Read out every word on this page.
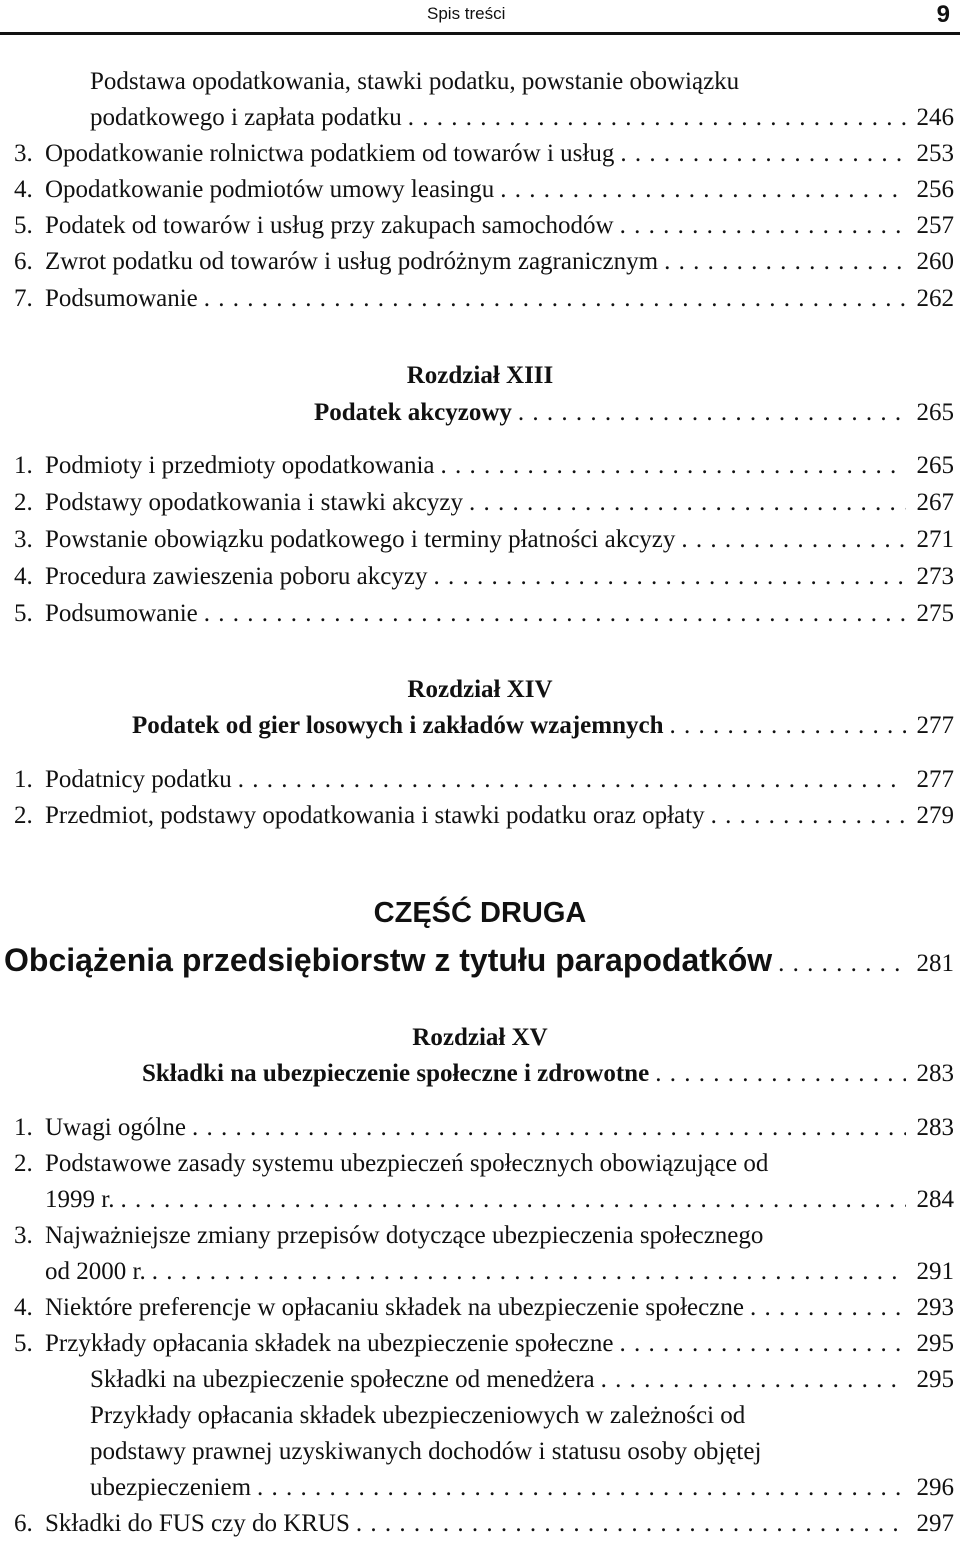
Spis treści	9
Podstawa opodatkowania, stawki podatku, powstanie obowiązku
podatkowego i zapłata podatku . . .	246
3. Opodatkowanie rolnictwa podatkiem od towarów i usług . . .	253
4. Opodatkowanie podmiotów umowy leasingu . . .	256
5. Podatek od towarów i usług przy zakupach samochodów . . .	257
6. Zwrot podatku od towarów i usług podróżnym zagranicznym . . .	260
7. Podsumowanie . . .	262
Rozdział XIII
Podatek akcyzowy . . .	265
1. Podmioty i przedmioty opodatkowania . . .	265
2. Podstawy opodatkowania i stawki akcyzy . . .	267
3. Powstanie obowiązku podatkowego i terminy płatności akcyzy . . .	271
4. Procedura zawieszenia poboru akcyzy . . .	273
5. Podsumowanie . . .	275
Rozdział XIV
Podatek od gier losowych i zakładów wzajemnych . . .	277
1. Podatnicy podatku . . .	277
2. Przedmiot, podstawy opodatkowania i stawki podatku oraz opłaty . . .	279
CZĘŚĆ DRUGA
Obciążenia przedsiębiorstw z tytułu parapodatków . . .	281
Rozdział XV
Składki na ubezpieczenie społeczne i zdrowotne . . .	283
1. Uwagi ogólne . . .	283
2. Podstawowe zasady systemu ubezpieczeń społecznych obowiązujące od
1999 r. . . .	284
3. Najważniejsze zmiany przepisów dotyczące ubezpieczenia społecznego
od 2000 r. . . .	291
4. Niektóre preferencje w opłacaniu składek na ubezpieczenie społeczne . . .	293
5. Przykłady opłacania składek na ubezpieczenie społeczne . . .	295
Składki na ubezpieczenie społeczne od menedżera . . .	295
Przykłady opłacania składek ubezpieczeniowych w zależności od
podstawy prawnej uzyskiwanych dochodów i statusu osoby objętej
ubezpieczeniem . . .	296
6. Składki do FUS czy do KRUS . . .	297
